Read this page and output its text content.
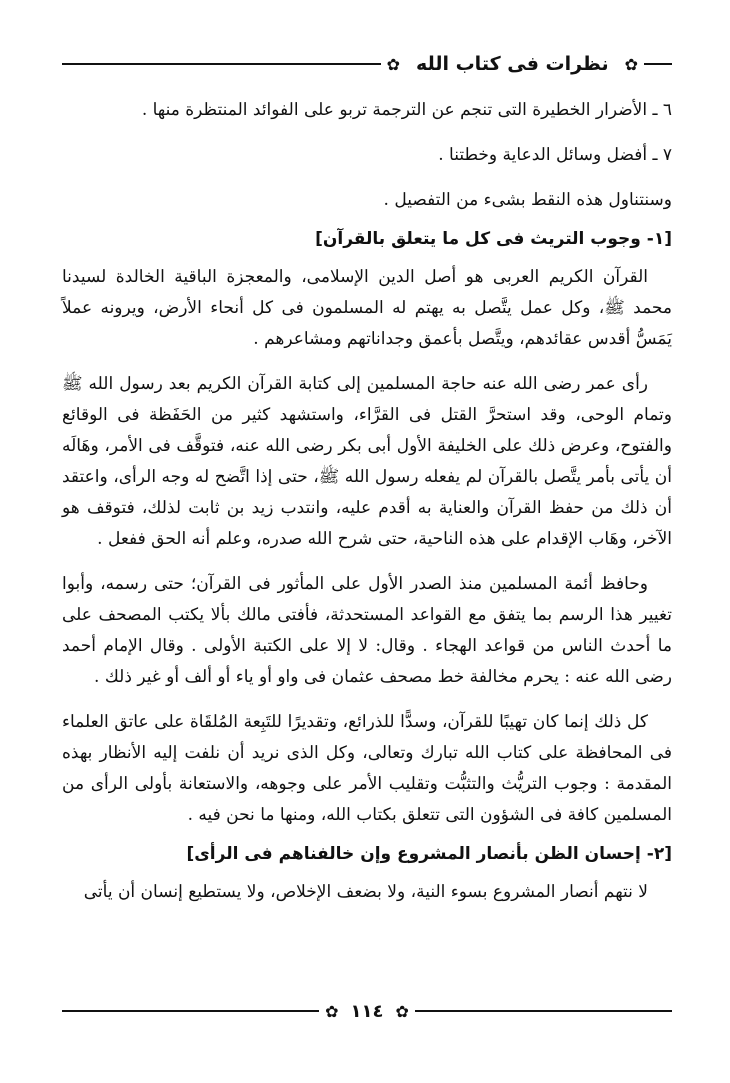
✿ نظرات فى كتاب الله	✿

٦ ـ الأضرار الخطيرة التى تنجم عن الترجمة تربو على الفوائد المنتظرة منها .

٧ ـ أفضل وسائل الدعاية وخطتنا .

وسنتناول هذه النقط بشىء من التفصيل .

[١- وجوب التريث فى كل ما يتعلق بالقرآن]

القرآن الكريم العربى هو أصل الدين الإسلامى، والمعجزة الباقية الخالدة لسيدنا محمد ﷺ، وكل عمل يتَّصل به يهتم له المسلمون فى كل أنحاء الأرض، ويرونه عملاً يَمَسُّ أقدس عقائدهم، ويتَّصل بأعمق وجداناتهم ومشاعرهم .

رأى عمر رضى الله عنه حاجة المسلمين إلى كتابة القرآن الكريم بعد رسول الله ﷺ وتمام الوحى، وقد استحرَّ القتل فى القرَّاء، واستشهد كثير من الحَفَظة فى الوقائع والفتوح، وعرض ذلك على الخليفة الأول أبى بكر رضى الله عنه، فتوقَّف فى الأمر، وهَالَه أن يأتى بأمر يتَّصل بالقرآن لم يفعله رسول الله ﷺ، حتى إذا اتَّضح له وجه الرأى، واعتقد أن ذلك من حفظ القرآن والعناية به أقدم عليه، وانتدب زيد بن ثابت لذلك، فتوقف هو الآخر، وهَاب الإقدام على هذه الناحية، حتى شرح الله صدره، وعلم أنه الحق ففعل .

وحافظ أئمة المسلمين منذ الصدر الأول على المأثور فى القرآن؛ حتى رسمه، وأبوا تغيير هذا الرسم بما يتفق مع القواعد المستحدثة، فأفتى مالك بألا يكتب المصحف على ما أحدث الناس من قواعد الهجاء . وقال: لا إلا على الكتبة الأولى . وقال الإمام أحمد رضى الله عنه : يحرم مخالفة خط مصحف عثمان فى واو أو ياء أو ألف أو غير ذلك .

كل ذلك إنما كان تهيبًا للقرآن، وسدًّا للذرائع، وتقديرًا للتَبِعة المُلقَاة على عاتق العلماء فى المحافظة على كتاب الله تبارك وتعالى، وكل الذى نريد أن نلفت إليه الأنظار بهذه المقدمة : وجوب التريُّث والتثبُّت وتقليب الأمر على وجوهه، والاستعانة بأولى الرأى من المسلمين كافة فى الشؤون التى تتعلق بكتاب الله، ومنها ما نحن فيه .

[٢- إحسان الظن بأنصار المشروع وإن خالفناهم فى الرأى]

لا نتهم أنصار المشروع بسوء النية، ولا بضعف الإخلاص، ولا يستطيع إنسان أن يأتى

✿ ١١٤ ✿
